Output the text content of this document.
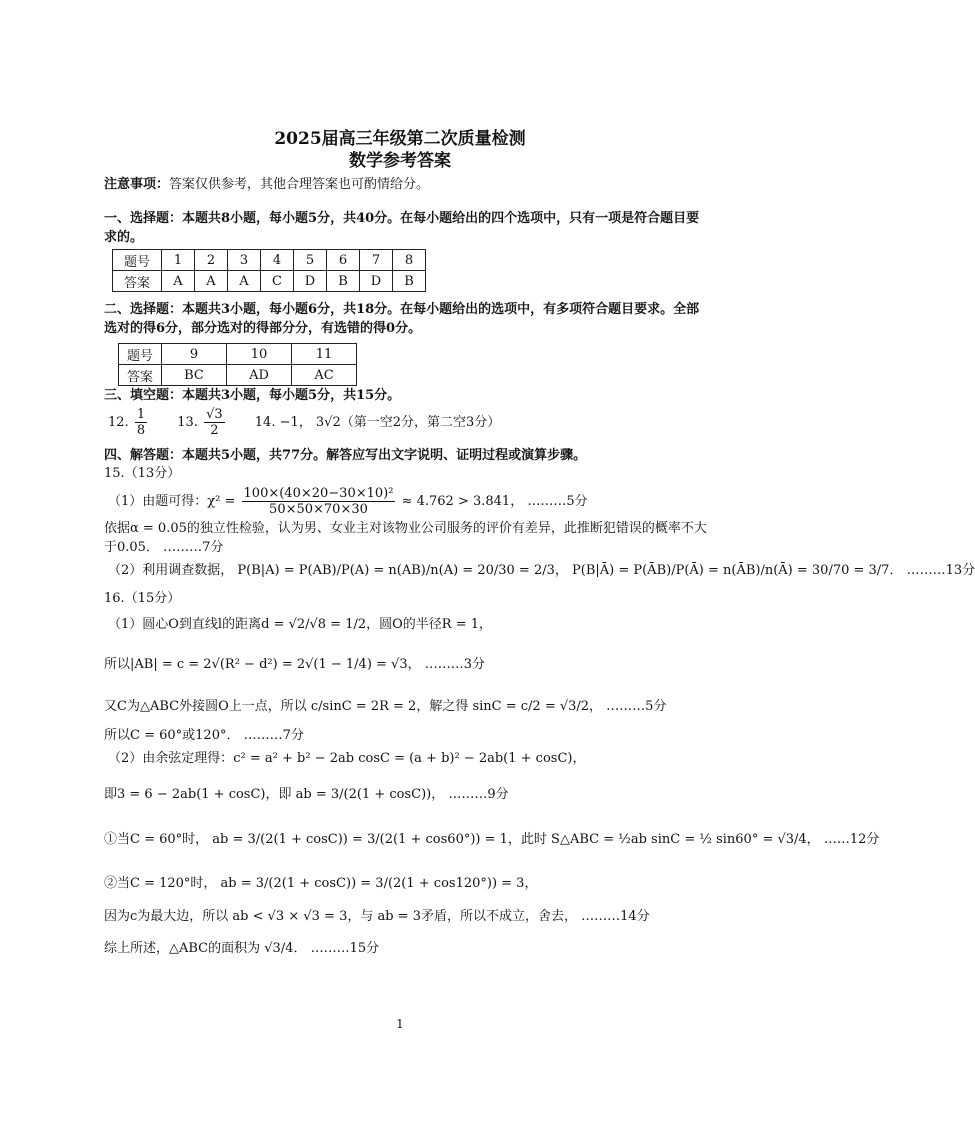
2025届高三年级第二次质量检测
数学参考答案
注意事项：答案仅供参考，其他合理答案也可酌情给分。
一、选择题：本题共8小题，每小题5分，共40分。在每小题给出的四个选项中，只有一项是符合题目要
求的。
题号	1	2	3	4	5	6	7	8
答案	A	A	A	C	D	B	D	B
二、选择题：本题共3小题，每小题6分，共18分。在每小题给出的选项中，有多项符合题目要求。全部
选对的得6分，部分选对的得部分分，有选错的得0分。
题号	9	10	11
答案	BC	AD	AC
三、填空题：本题共3小题，每小题5分，共15分。
12. $\frac{1}{8} 13$. $\frac{√3}{2} 14$. −1， 3√2（第一空2分，第二空3分）
四、解答题：本题共5小题，共77分。解答应写出文字说明、证明过程或演算步骤。
15.（13分）
（1）由题可得：$\chi^2 = \frac{\text{100×(40×20−30×10)²}}{50\times 50\times 70\times 30} \approx 4.762 > 3.841$， ………5分
依据α = 0.05的独立性检验，认为男、女业主对该物业公司服务的评价有差异，此推断犯错误的概率不大
于0.05． ………7分
（2）利用调查数据， P(B|A) = P(AB)/P(A) = n(AB)/n(A) = 20/30 = 2/3， P(B|Ā) = P(ĀB)/P(Ā) = n(ĀB)/n(Ā) = 30/70 = 3/7． ………13分
16.（15分）
（1）圆心O到直线l的距离d = √2/√8 = 1/2，圆O的半径R = 1，
所以|AB| = c = 2√(R² − d²) = 2√(1 − 1/4) = √3， ………3分
又C为△ABC外接圆O上一点，所以 c/sinC = 2R = 2，解之得 sinC = c/2 = √3/2， ………5分
所以C = 60°或120°． ………7分
（2）由余弦定理得：c² = a² + b² − 2ab cosC = (a + b)² − 2ab(1 + cosC)，
即3 = 6 − 2ab(1 + cosC)，即 ab = 3/(2(1 + cosC))， ………9分
①当C = 60°时， ab = 3/(2(1 + cosC)) = 3/(2(1 + cos60°)) = 1，此时 S△ABC = ½ab sinC = ½ sin60° = √3/4， ……12分
②当C = 120°时， ab = 3/(2(1 + cosC)) = 3/(2(1 + cos120°)) = 3，
因为c为最大边，所以 ab < √3 × √3 = 3，与 ab = 3矛盾，所以不成立，舍去， ………14分
综上所述，△ABC的面积为 √3/4． ………15分
1
